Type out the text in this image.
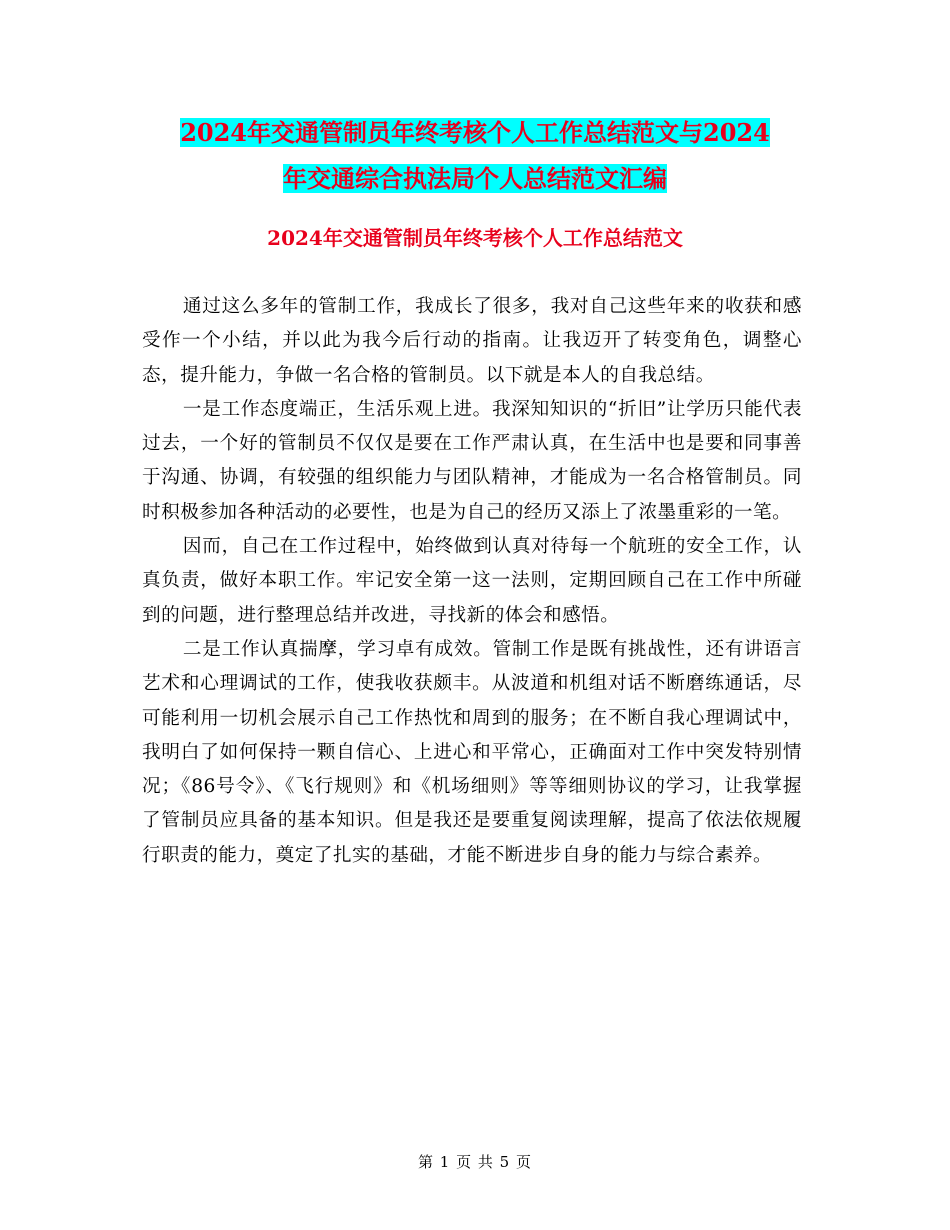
2024年交通管制员年终考核个人工作总结范文与2024
年交通综合执法局个人总结范文汇编
2024年交通管制员年终考核个人工作总结范文

通过这么多年的管制工作，我成长了很多，我对自己这些年来的收获和感受作一个小结，并以此为我今后行动的指南。让我迈开了转变角色，调整心态，提升能力，争做一名合格的管制员。以下就是本人的自我总结。

一是工作态度端正，生活乐观上进。我深知知识的“折旧”让学历只能代表过去，一个好的管制员不仅仅是要在工作严肃认真，在生活中也是要和同事善于沟通、协调，有较强的组织能力与团队精神，才能成为一名合格管制员。同时积极参加各种活动的必要性，也是为自己的经历又添上了浓墨重彩的一笔。

因而，自己在工作过程中，始终做到认真对待每一个航班的安全工作，认真负责，做好本职工作。牢记安全第一这一法则，定期回顾自己在工作中所碰到的问题，进行整理总结并改进，寻找新的体会和感悟。

二是工作认真揣摩，学习卓有成效。管制工作是既有挑战性，还有讲语言艺术和心理调试的工作，使我收获颇丰。从波道和机组对话不断磨练通话，尽可能利用一切机会展示自己工作热忱和周到的服务；在不断自我心理调试中，我明白了如何保持一颗自信心、上进心和平常心，正确面对工作中突发特别情况；《86号令》、《飞行规则》和《机场细则》等等细则协议的学习，让我掌握了管制员应具备的基本知识。但是我还是要重复阅读理解，提高了依法依规履行职责的能力，奠定了扎实的基础，才能不断进步自身的能力与综合素养。

第 1 页 共 5 页
